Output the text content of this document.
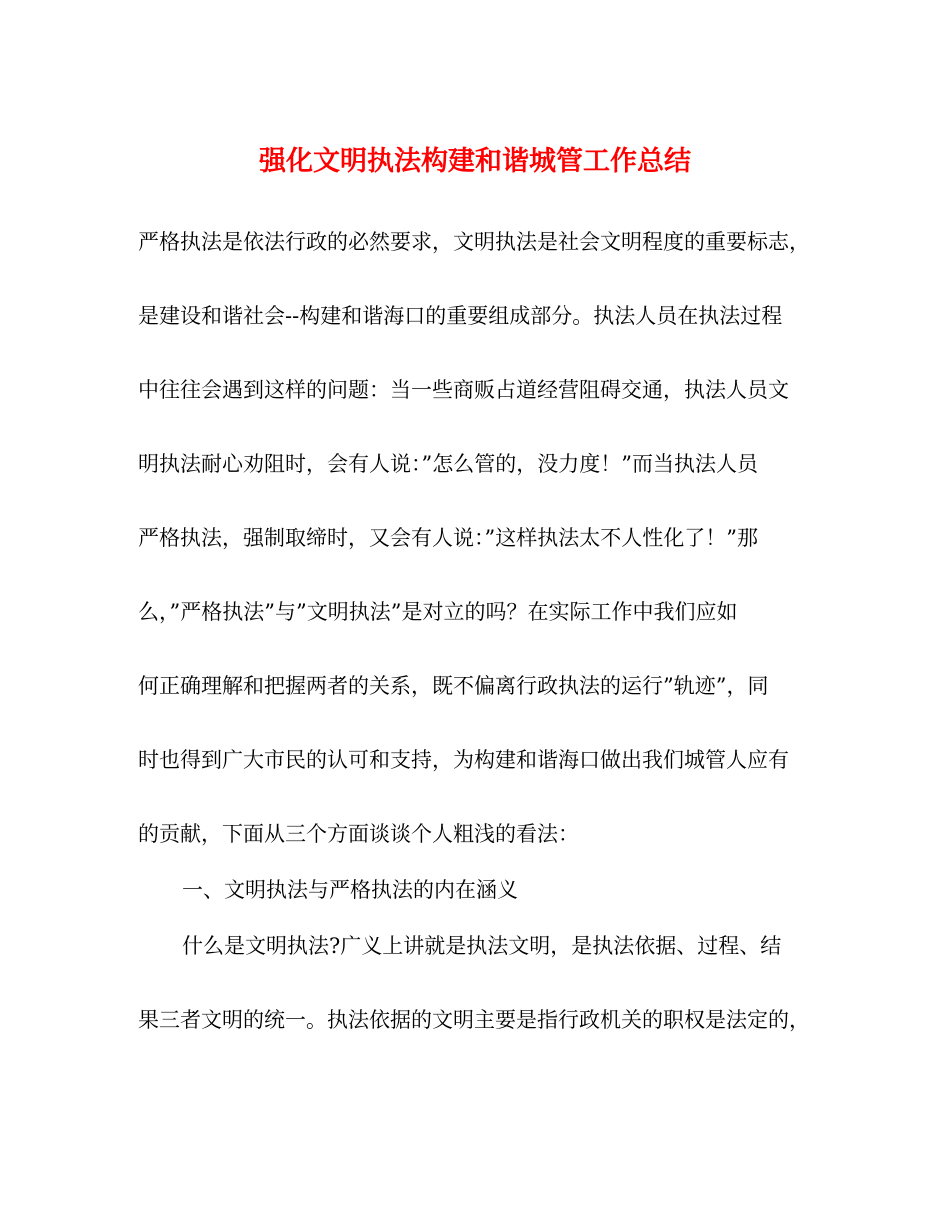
强化文明执法构建和谐城管工作总结
严格执法是依法行政的必然要求，文明执法是社会文明程度的重要标志，
是建设和谐社会--构建和谐海口的重要组成部分。执法人员在执法过程
中往往会遇到这样的问题：当一些商贩占道经营阻碍交通，执法人员文
明执法耐心劝阻时，会有人说：”怎么管的，没力度！”而当执法人员
严格执法，强制取缔时，又会有人说：”这样执法太不人性化了！”那
么，”严格执法”与”文明执法”是对立的吗？在实际工作中我们应如
何正确理解和把握两者的关系，既不偏离行政执法的运行”轨迹”，同
时也得到广大市民的认可和支持，为构建和谐海口做出我们城管人应有
的贡献，下面从三个方面谈谈个人粗浅的看法：
一、文明执法与严格执法的内在涵义
什么是文明执法?广义上讲就是执法文明，是执法依据、过程、结
果三者文明的统一。执法依据的文明主要是指行政机关的职权是法定的，
